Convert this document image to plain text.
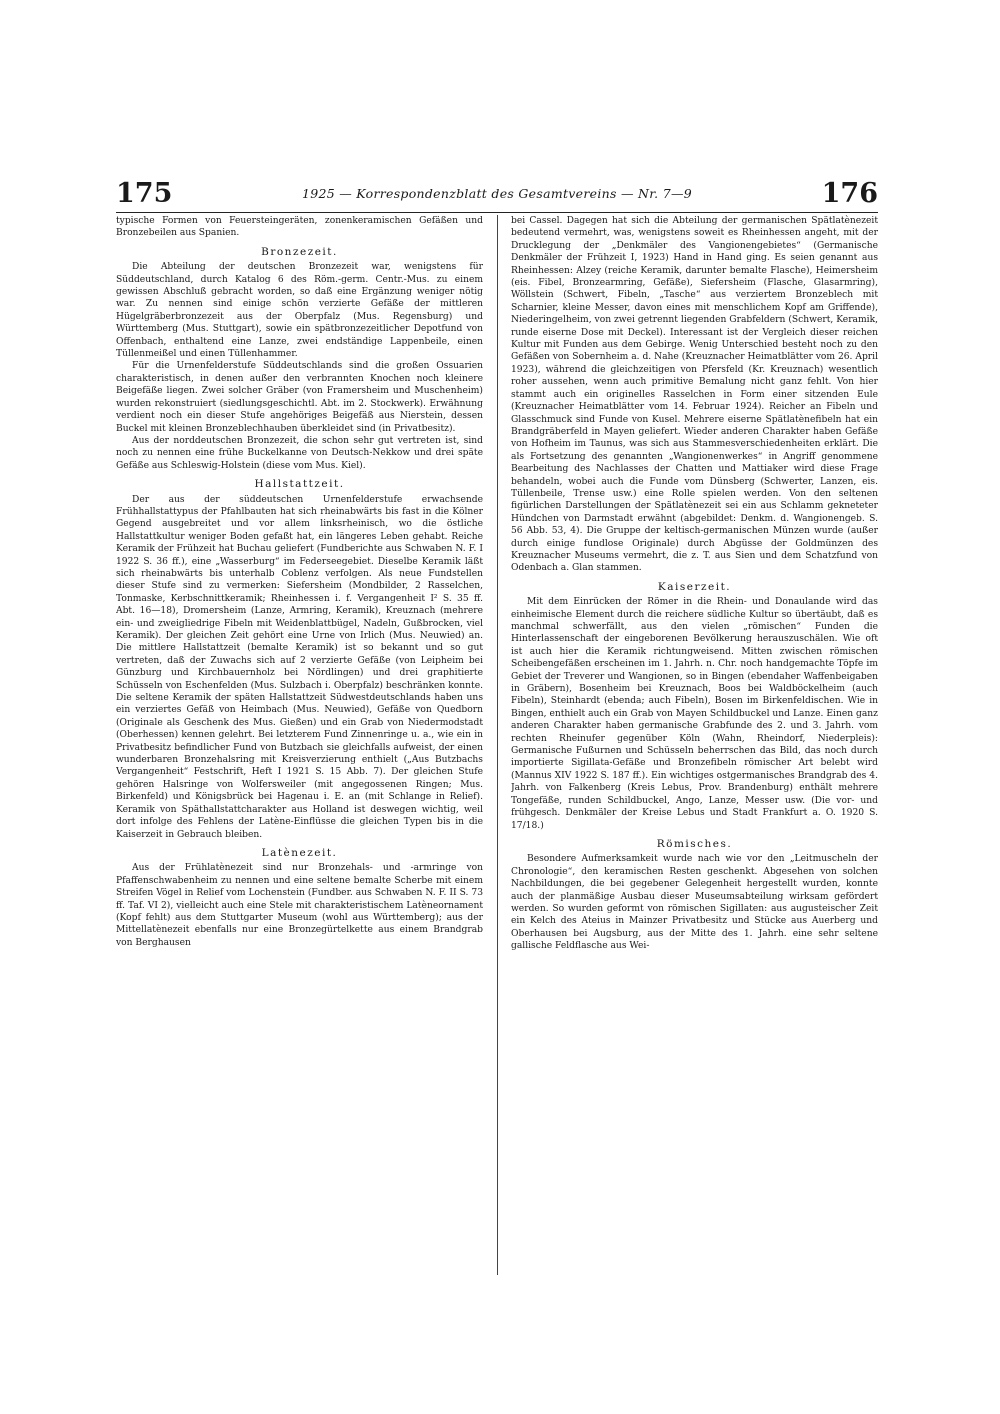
175	1925 — Korrespondenzblatt des Gesamtvereins — Nr. 7—9	176

typische Formen von Feuersteingeräten, zonenkeramischen Gefäßen und Bronzebeilen aus Spanien.

Bronzezeit.

Die Abteilung der deutschen Bronzezeit war, wenigstens für Süddeutschland, durch Katalog 6 des Röm.-germ. Centr.-Mus. zu einem gewissen Abschluß gebracht worden, so daß eine Ergänzung weniger nötig war. Zu nennen sind einige schön verzierte Gefäße der mittleren Hügelgräberbronzezeit aus der Oberpfalz (Mus. Regensburg) und Württemberg (Mus. Stuttgart), sowie ein spätbronzezeitlicher Depotfund von Offenbach, enthaltend eine Lanze, zwei endständige Lappenbeile, einen Tüllenmeißel und einen Tüllenhammer.

Für die Urnenfelderstufe Süddeutschlands sind die großen Ossuarien charakteristisch, in denen außer den verbrannten Knochen noch kleinere Beigefäße liegen. Zwei solcher Gräber (von Framersheim und Muschenheim) wurden rekonstruiert (siedlungsgeschichtl. Abt. im 2. Stockwerk). Erwähnung verdient noch ein dieser Stufe angehöriges Beigefäß aus Nierstein, dessen Buckel mit kleinen Bronzeblechhauben überkleidet sind (in Privatbesitz).

Aus der norddeutschen Bronzezeit, die schon sehr gut vertreten ist, sind noch zu nennen eine frühe Buckelkanne von Deutsch-Nekkow und drei späte Gefäße aus Schleswig-Holstein (diese vom Mus. Kiel).

Hallstattzeit.

Der aus der süddeutschen Urnenfelderstufe erwachsende Frühhallstattypus der Pfahlbauten hat sich rheinabwärts bis fast in die Kölner Gegend ausgebreitet und vor allem linksrheinisch, wo die östliche Hallstattkultur weniger Boden gefaßt hat, ein längeres Leben gehabt. Reiche Keramik der Frühzeit hat Buchau geliefert (Fundberichte aus Schwaben N. F. I 1922 S. 36 ff.), eine „Wasserburg“ im Federseegebiet. Dieselbe Keramik läßt sich rheinabwärts bis unterhalb Coblenz verfolgen. Als neue Fundstellen dieser Stufe sind zu vermerken: Siefersheim (Mondbilder, 2 Rasselchen, Tonmaske, Kerbschnittkeramik; Rheinhessen i. f. Vergangenheit I² S. 35 ff. Abt. 16—18), Dromersheim (Lanze, Armring, Keramik), Kreuznach (mehrere ein- und zweigliedrige Fibeln mit Weidenblattbügel, Nadeln, Gußbrocken, viel Keramik). Der gleichen Zeit gehört eine Urne von Irlich (Mus. Neuwied) an. Die mittlere Hallstattzeit (bemalte Keramik) ist so bekannt und so gut vertreten, daß der Zuwachs sich auf 2 verzierte Gefäße (von Leipheim bei Günzburg und Kirchbauernholz bei Nördlingen) und drei graphitierte Schüsseln von Eschenfelden (Mus. Sulzbach i. Oberpfalz) beschränken konnte. Die seltene Keramik der späten Hallstattzeit Südwestdeutschlands haben uns ein verziertes Gefäß von Heimbach (Mus. Neuwied), Gefäße von Quedborn (Originale als Geschenk des Mus. Gießen) und ein Grab von Niedermodstadt (Oberhessen) kennen gelehrt. Bei letzterem Fund Zinnenringe u. a., wie ein in Privatbesitz befindlicher Fund von Butzbach sie gleichfalls aufweist, der einen wunderbaren Bronzehalsring mit Kreisverzierung enthielt („Aus Butzbachs Vergangenheit“ Festschrift, Heft I 1921 S. 15 Abb. 7). Der gleichen Stufe gehören Halsringe von Wolfersweiler (mit angegossenen Ringen; Mus. Birkenfeld) und Königsbrück bei Hagenau i. E. an (mit Schlange in Relief). Keramik von Späthallstattcharakter aus Holland ist deswegen wichtig, weil dort infolge des Fehlens der Latène-Einflüsse die gleichen Typen bis in die Kaiserzeit in Gebrauch bleiben.

Latènezeit.

Aus der Frühlatènezeit sind nur Bronzehals- und -armringe von Pfaffenschwabenheim zu nennen und eine seltene bemalte Scherbe mit einem Streifen Vögel in Relief vom Lochenstein (Fundber. aus Schwaben N. F. II S. 73 ff. Taf. VI 2), vielleicht auch eine Stele mit charakteristischem Latèneornament (Kopf fehlt) aus dem Stuttgarter Museum (wohl aus Württemberg); aus der Mittellatènezeit ebenfalls nur eine Bronzegürtelkette aus einem Brandgrab von Berghausen

bei Cassel. Dagegen hat sich die Abteilung der germanischen Spätlatènezeit bedeutend vermehrt, was, wenigstens soweit es Rheinhessen angeht, mit der Drucklegung der „Denkmäler des Vangionengebietes“ (Germanische Denkmäler der Frühzeit I, 1923) Hand in Hand ging. Es seien genannt aus Rheinhessen: Alzey (reiche Keramik, darunter bemalte Flasche), Heimersheim (eis. Fibel, Bronzearmring, Gefäße), Siefersheim (Flasche, Glasarmring), Wöllstein (Schwert, Fibeln, „Tasche“ aus verziertem Bronzeblech mit Scharnier, kleine Messer, davon eines mit menschlichem Kopf am Griffende), Niederingelheim, von zwei getrennt liegenden Grabfeldern (Schwert, Keramik, runde eiserne Dose mit Deckel). Interessant ist der Vergleich dieser reichen Kultur mit Funden aus dem Gebirge. Wenig Unterschied besteht noch zu den Gefäßen von Sobernheim a. d. Nahe (Kreuznacher Heimatblätter vom 26. April 1923), während die gleichzeitigen von Pfersfeld (Kr. Kreuznach) wesentlich roher aussehen, wenn auch primitive Bemalung nicht ganz fehlt. Von hier stammt auch ein originelles Rasselchen in Form einer sitzenden Eule (Kreuznacher Heimatblätter vom 14. Februar 1924). Reicher an Fibeln und Glasschmuck sind Funde von Kusel. Mehrere eiserne Spätlatènefibeln hat ein Brandgräberfeld in Mayen geliefert. Wieder anderen Charakter haben Gefäße von Hofheim im Taunus, was sich aus Stammesverschiedenheiten erklärt. Die als Fortsetzung des genannten „Wangionenwerkes“ in Angriff genommene Bearbeitung des Nachlasses der Chatten und Mattiaker wird diese Frage behandeln, wobei auch die Funde vom Dünsberg (Schwerter, Lanzen, eis. Tüllenbeile, Trense usw.) eine Rolle spielen werden. Von den seltenen figürlichen Darstellungen der Spätlatènezeit sei ein aus Schlamm gekneteter Hündchen von Darmstadt erwähnt (abgebildet: Denkm. d. Wangionengeb. S. 56 Abb. 53, 4). Die Gruppe der keltisch-germanischen Münzen wurde (außer durch einige fundlose Originale) durch Abgüsse der Goldmünzen des Kreuznacher Museums vermehrt, die z. T. aus Sien und dem Schatzfund von Odenbach a. Glan stammen.

Kaiserzeit.

Mit dem Einrücken der Römer in die Rhein- und Donaulande wird das einheimische Element durch die reichere südliche Kultur so übertäubt, daß es manchmal schwerfällt, aus den vielen „römischen“ Funden die Hinterlassenschaft der eingeborenen Bevölkerung herauszuschälen. Wie oft ist auch hier die Keramik richtungweisend. Mitten zwischen römischen Scheibengefäßen erscheinen im 1. Jahrh. n. Chr. noch handgemachte Töpfe im Gebiet der Treverer und Wangionen, so in Bingen (ebendaher Waffenbeigaben in Gräbern), Bosenheim bei Kreuznach, Boos bei Waldböckelheim (auch Fibeln), Steinhardt (ebenda; auch Fibeln), Bosen im Birkenfeldischen. Wie in Bingen, enthielt auch ein Grab von Mayen Schildbuckel und Lanze. Einen ganz anderen Charakter haben germanische Grabfunde des 2. und 3. Jahrh. vom rechten Rheinufer gegenüber Köln (Wahn, Rheindorf, Niederpleis): Germanische Fußurnen und Schüsseln beherrschen das Bild, das noch durch importierte Sigillata-Gefäße und Bronzefibeln römischer Art belebt wird (Mannus XIV 1922 S. 187 ff.). Ein wichtiges ostgermanisches Brandgrab des 4. Jahrh. von Falkenberg (Kreis Lebus, Prov. Brandenburg) enthält mehrere Tongefäße, runden Schildbuckel, Ango, Lanze, Messer usw. (Die vor- und frühgesch. Denkmäler der Kreise Lebus und Stadt Frankfurt a. O. 1920 S. 17/18.)

Römisches.

Besondere Aufmerksamkeit wurde nach wie vor den „Leitmuscheln der Chronologie“, den keramischen Resten geschenkt. Abgesehen von solchen Nachbildungen, die bei gegebener Gelegenheit hergestellt wurden, konnte auch der planmäßige Ausbau dieser Museumsabteilung wirksam gefördert werden. So wurden geformt von römischen Sigillaten: aus augusteischer Zeit ein Kelch des Ateius in Mainzer Privatbesitz und Stücke aus Auerberg und Oberhausen bei Augsburg, aus der Mitte des 1. Jahrh. eine sehr seltene gallische Feldflasche aus Wei-
